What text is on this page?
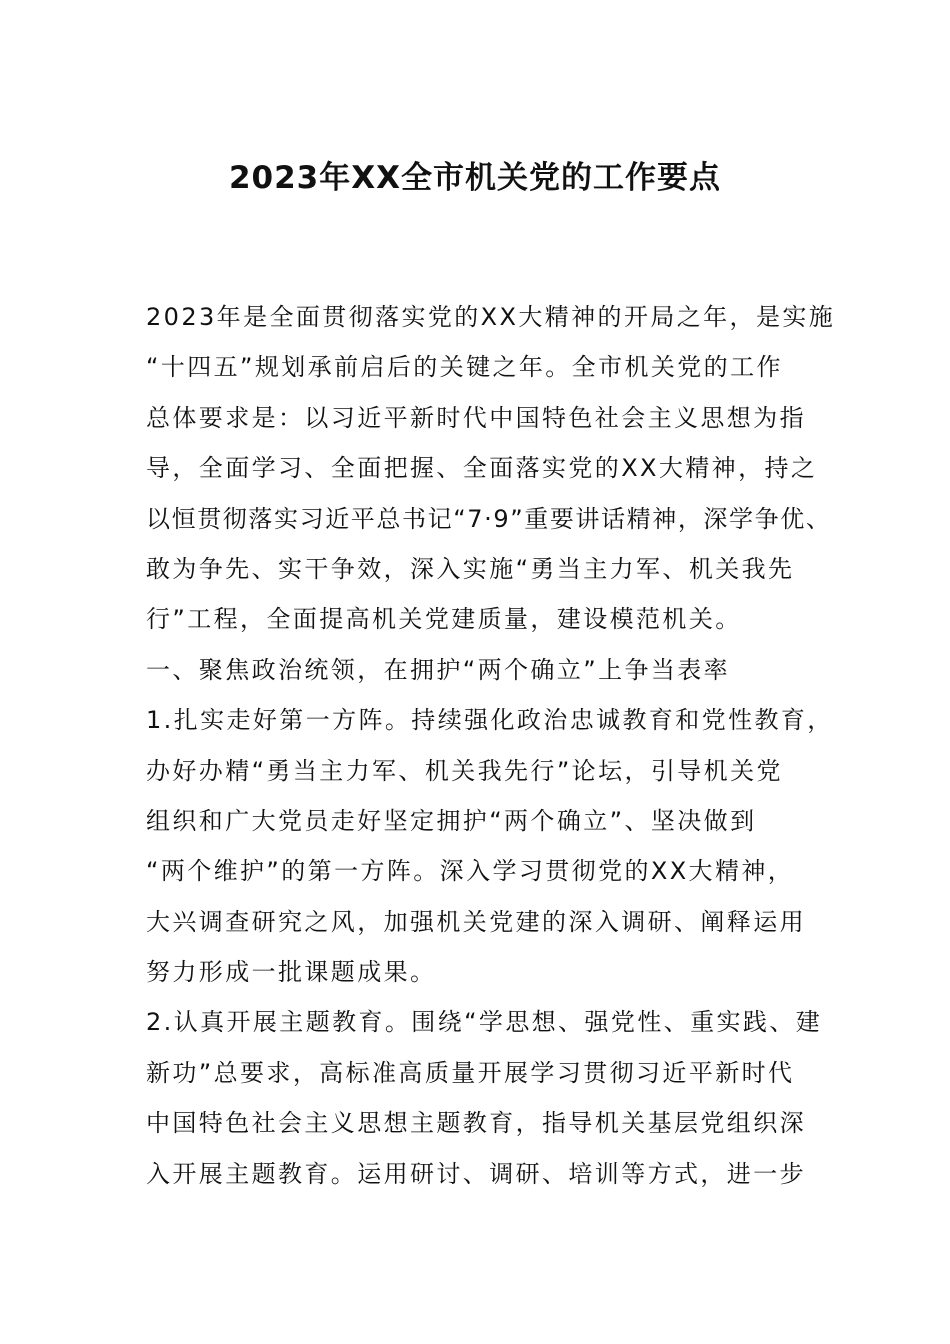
2023年XX全市机关党的工作要点
2023年是全面贯彻落实党的XX大精神的开局之年，是实施
“十四五”规划承前启后的关键之年。全市机关党的工作
总体要求是：以习近平新时代中国特色社会主义思想为指
导，全面学习、全面把握、全面落实党的XX大精神，持之
以恒贯彻落实习近平总书记“7·9”重要讲话精神，深学争优、
敢为争先、实干争效，深入实施“勇当主力军、机关我先
行”工程，全面提高机关党建质量，建设模范机关。
一、聚焦政治统领，在拥护“两个确立”上争当表率
1.扎实走好第一方阵。持续强化政治忠诚教育和党性教育，
办好办精“勇当主力军、机关我先行”论坛，引导机关党
组织和广大党员走好坚定拥护“两个确立”、坚决做到
“两个维护”的第一方阵。深入学习贯彻党的XX大精神，
大兴调查研究之风，加强机关党建的深入调研、阐释运用
努力形成一批课题成果。
2.认真开展主题教育。围绕“学思想、强党性、重实践、建
新功”总要求，高标准高质量开展学习贯彻习近平新时代
中国特色社会主义思想主题教育，指导机关基层党组织深
入开展主题教育。运用研讨、调研、培训等方式，进一步
